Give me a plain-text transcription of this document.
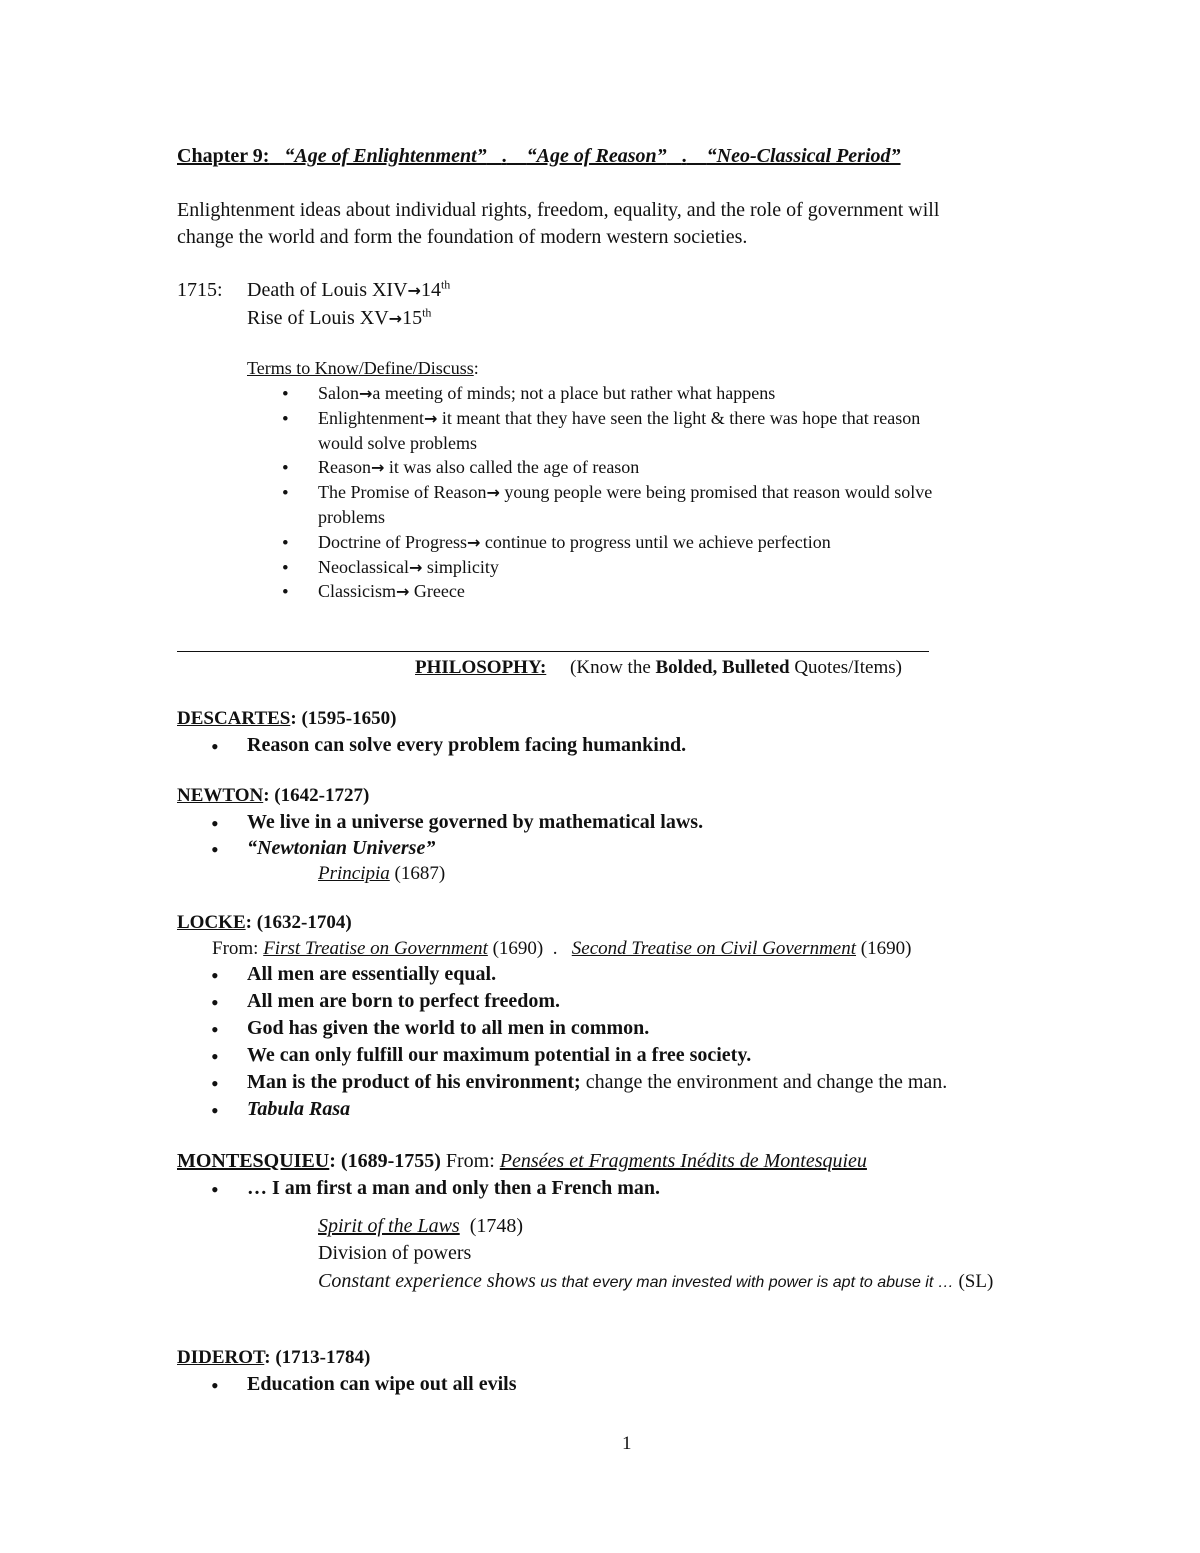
Chapter 9: “Age of Enlightenment” . “Age of Reason” . “Neo-Classical Period”
Enlightenment ideas about individual rights, freedom, equality, and the role of government will
change the world and form the foundation of modern western societies.
1715: Death of Louis XIV→14th
Rise of Louis XV→15th
Terms to Know/Define/Discuss:
• Salon→a meeting of minds; not a place but rather what happens
• Enlightenment→ it meant that they have seen the light & there was hope that reason
would solve problems
• Reason→ it was also called the age of reason
• The Promise of Reason→ young people were being promised that reason would solve
problems
• Doctrine of Progress→ continue to progress until we achieve perfection
• Neoclassical→ simplicity
• Classicism→ Greece
PHILOSOPHY: (Know the Bolded, Bulleted Quotes/Items)
DESCARTES: (1595-1650)
• Reason can solve every problem facing humankind.
NEWTON: (1642-1727)
• We live in a universe governed by mathematical laws.
• “Newtonian Universe”
Principia (1687)
LOCKE: (1632-1704)
From: First Treatise on Government (1690)  .   Second Treatise on Civil Government (1690)
• All men are essentially equal.
• All men are born to perfect freedom.
• God has given the world to all men in common.
• We can only fulfill our maximum potential in a free society.
• Man is the product of his environment; change the environment and change the man.
• Tabula Rasa
MONTESQUIEU: (1689-1755) From: Pensées et Fragments Inédits de Montesquieu
• … I am first a man and only then a French man.
Spirit of the Laws  (1748)
Division of powers
Constant experience shows us that every man invested with power is apt to abuse it … (SL)
DIDEROT: (1713-1784)
• Education can wipe out all evils
1
